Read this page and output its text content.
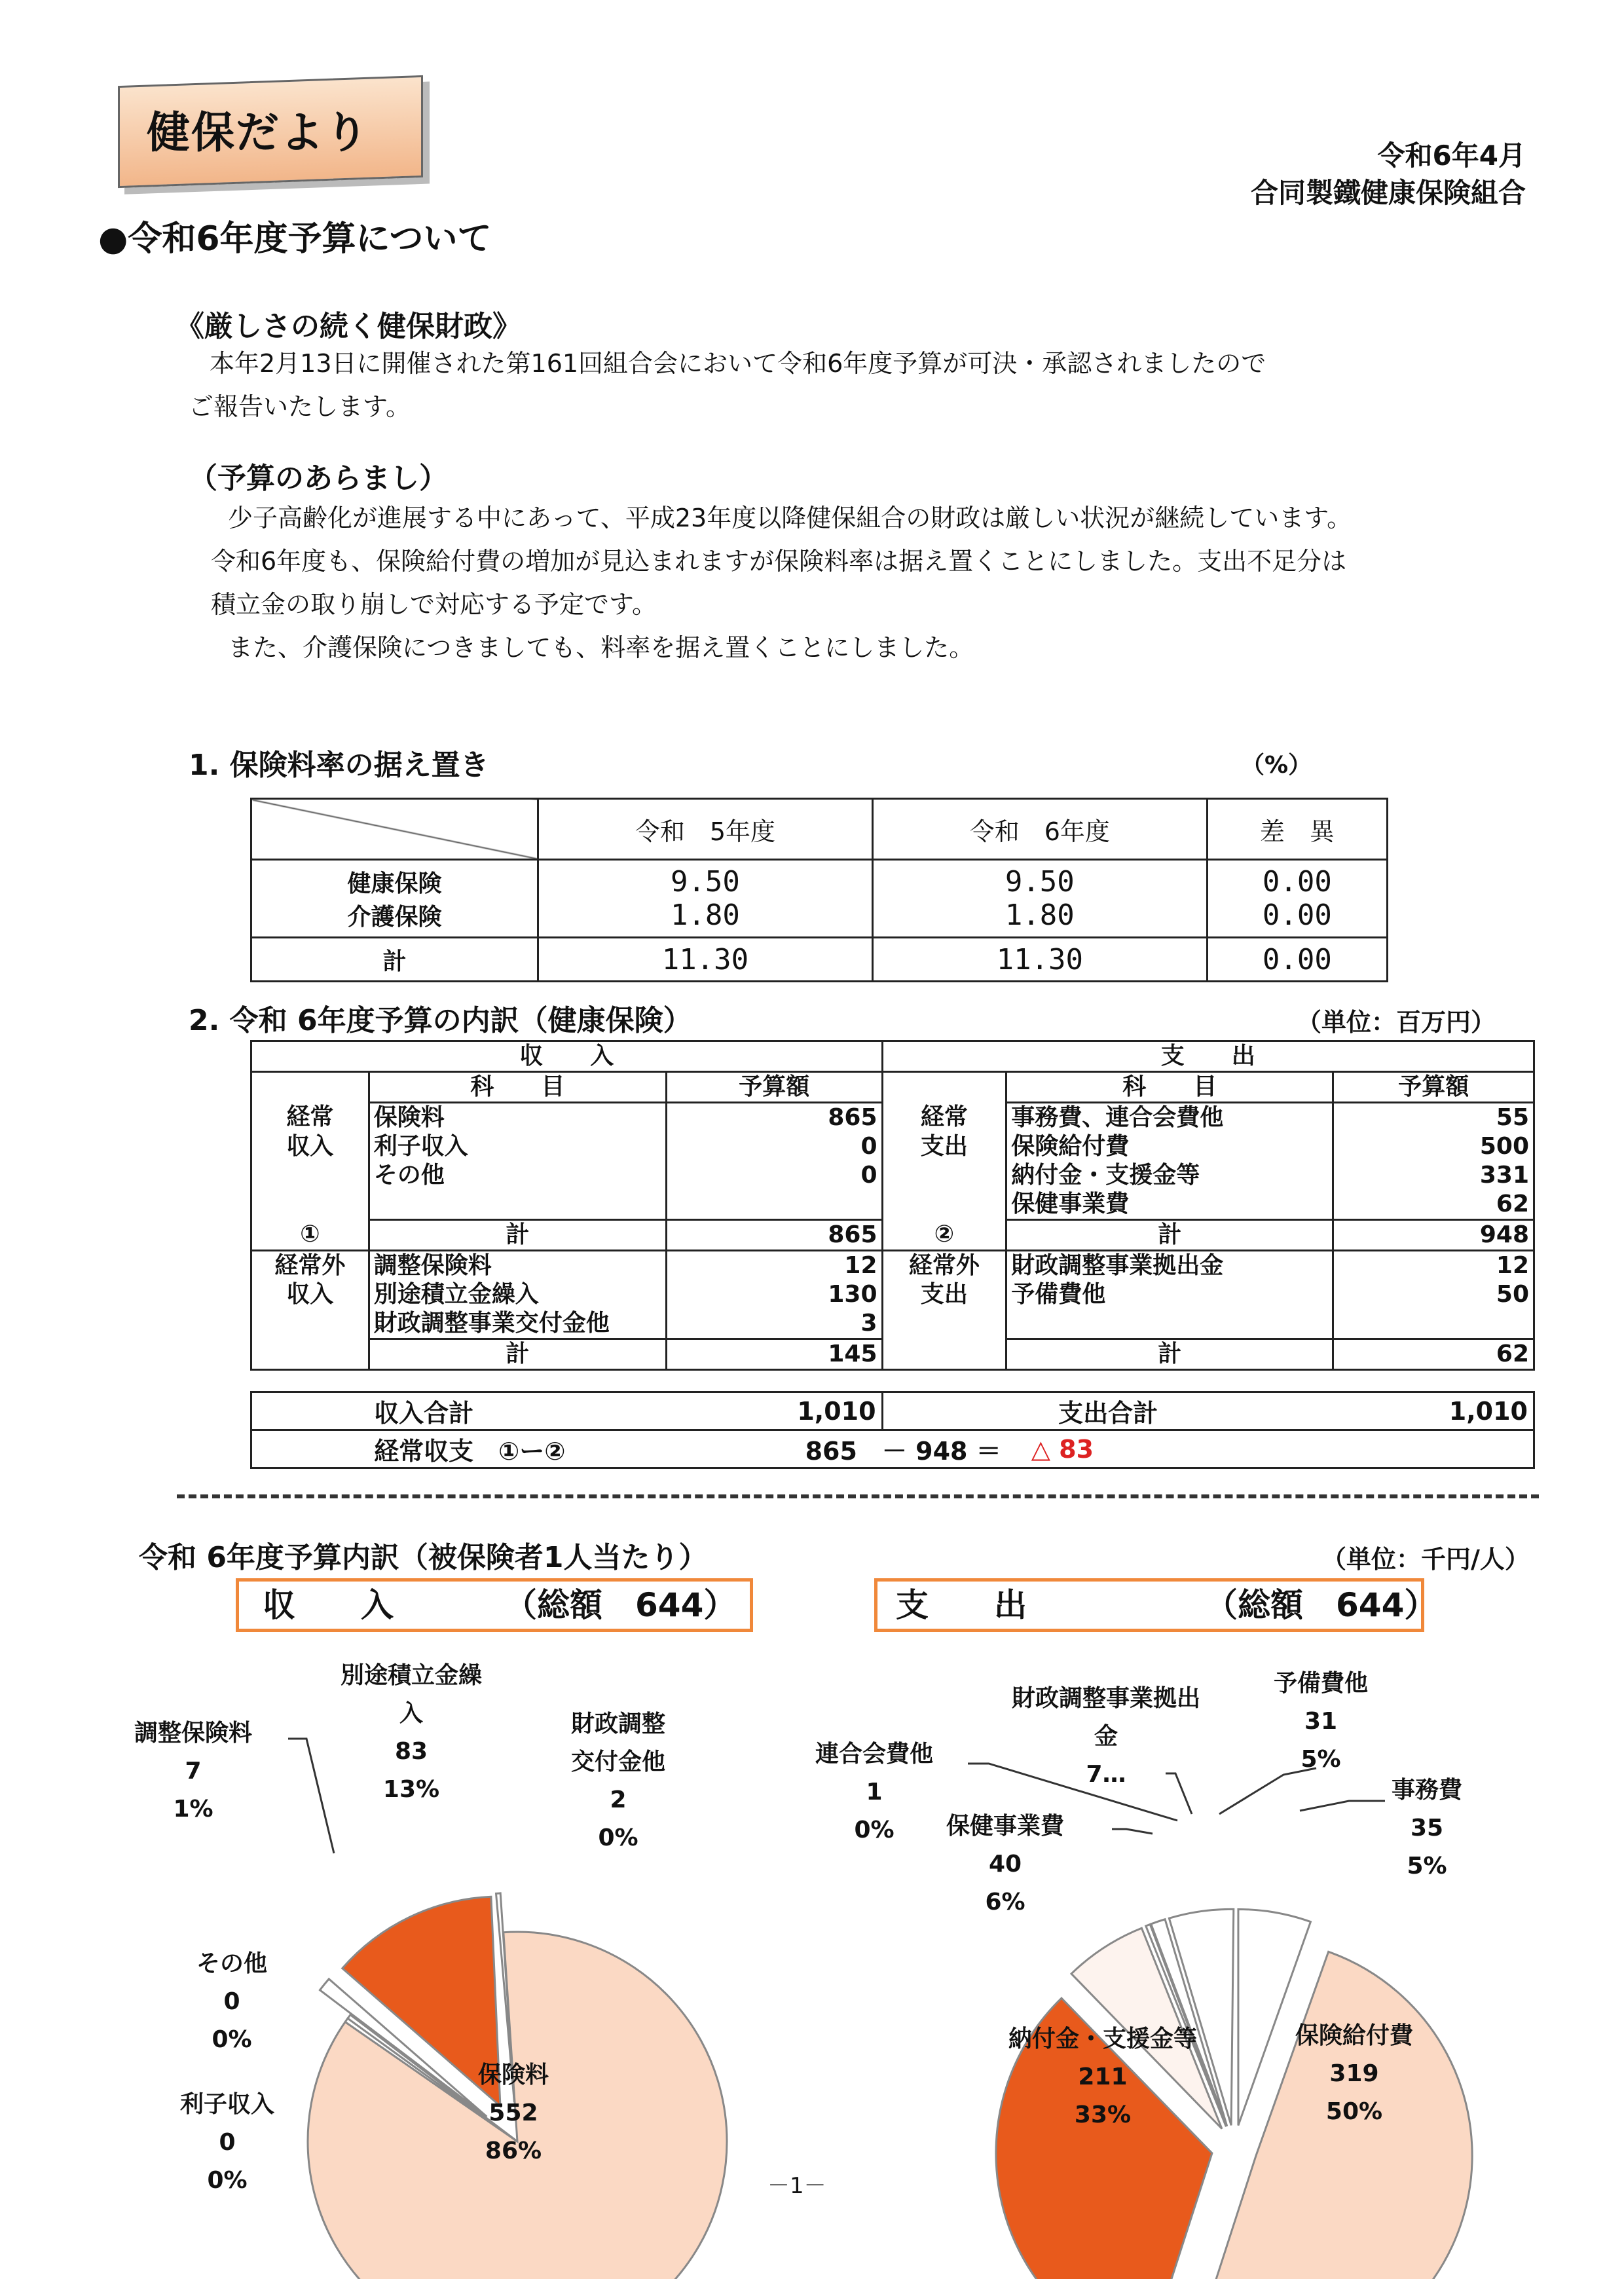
健保だより	令和6年4月
合同製鐵健康保険組合
●令和6年度予算について
《厳しさの続く健保財政》
本年2月13日に開催された第161回組合会において令和6年度予算が可決・承認されましたので
ご報告いたします。
（予算のあらまし）
少子高齢化が進展する中にあって、平成23年度以降健保組合の財政は厳しい状況が継続しています。
令和6年度も、保険給付費の増加が見込まれますが保険料率は据え置くことにしました。支出不足分は
積立金の取り崩しで対応する予定です。
また、介護保険につきましても、料率を据え置くことにしました。
1. 保険料率の据え置き	（%）
	令和　5年度	令和　6年度	差　異
健康保険	9.50	9.50	0.00
介護保険	1.80	1.80	0.00
計	11.30	11.30	0.00
2. 令和 6年度予算の内訳（健康保険）	（単位：百万円）
収　　入			支　　出		
	科　　目	予算額		科　　目	予算額
経常	保険料	865	経常	事務費、連合会費他	55
収入	利子収入	0	支出	保険給付費	500
	その他	0		納付金・支援金等	331
				保健事業費	62
①	計	865	②	計	948
経常外	調整保険料	12	経常外	財政調整事業拠出金	12
収入	別途積立金繰入	130	支出	予備費他	50
	財政調整事業交付金他	3			
	計	145		計	62
	収入合計	1,010	支出合計		1,010
	経常収支　①ー②	865　－ 948 ＝		△ 83	
令和 6年度予算内訳（被保険者1人当たり）	（単位：千円/人）
収　　入	（総額　644）	支　　出	（総額　644）
保険料
552
86%
利子収入
0
0%
その他
0
0%
調整保険料
7
1%
別途積立金繰
入
83
13%
財政調整
交付金他
2
0%
保険給付費
319
50%
納付金・支援金等
211
33%
保健事業費
40
6%
連合会費他
1
0%
財政調整事業拠出
金
7…
予備費他
31
5%
事務費
35
5%
－1－
